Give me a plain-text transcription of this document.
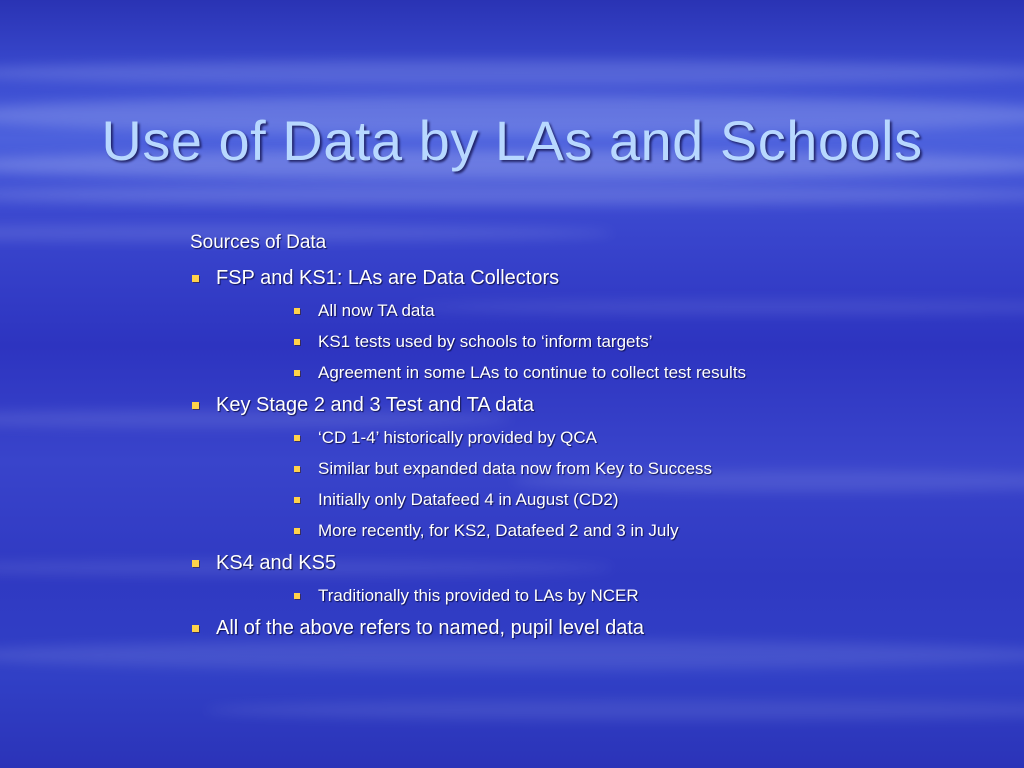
Use of Data by LAs and Schools
Sources of Data
FSP and KS1: LAs are Data Collectors
All now TA data
KS1 tests used by schools to ‘inform targets’
Agreement in some LAs to continue to collect test results
Key Stage 2 and 3 Test and TA data
‘CD 1-4’ historically provided by QCA
Similar but expanded data now from Key to Success
Initially only Datafeed 4 in August (CD2)
More recently, for KS2, Datafeed 2 and 3 in July
KS4 and KS5
Traditionally this provided to LAs by NCER
All of the above refers to named, pupil level data
